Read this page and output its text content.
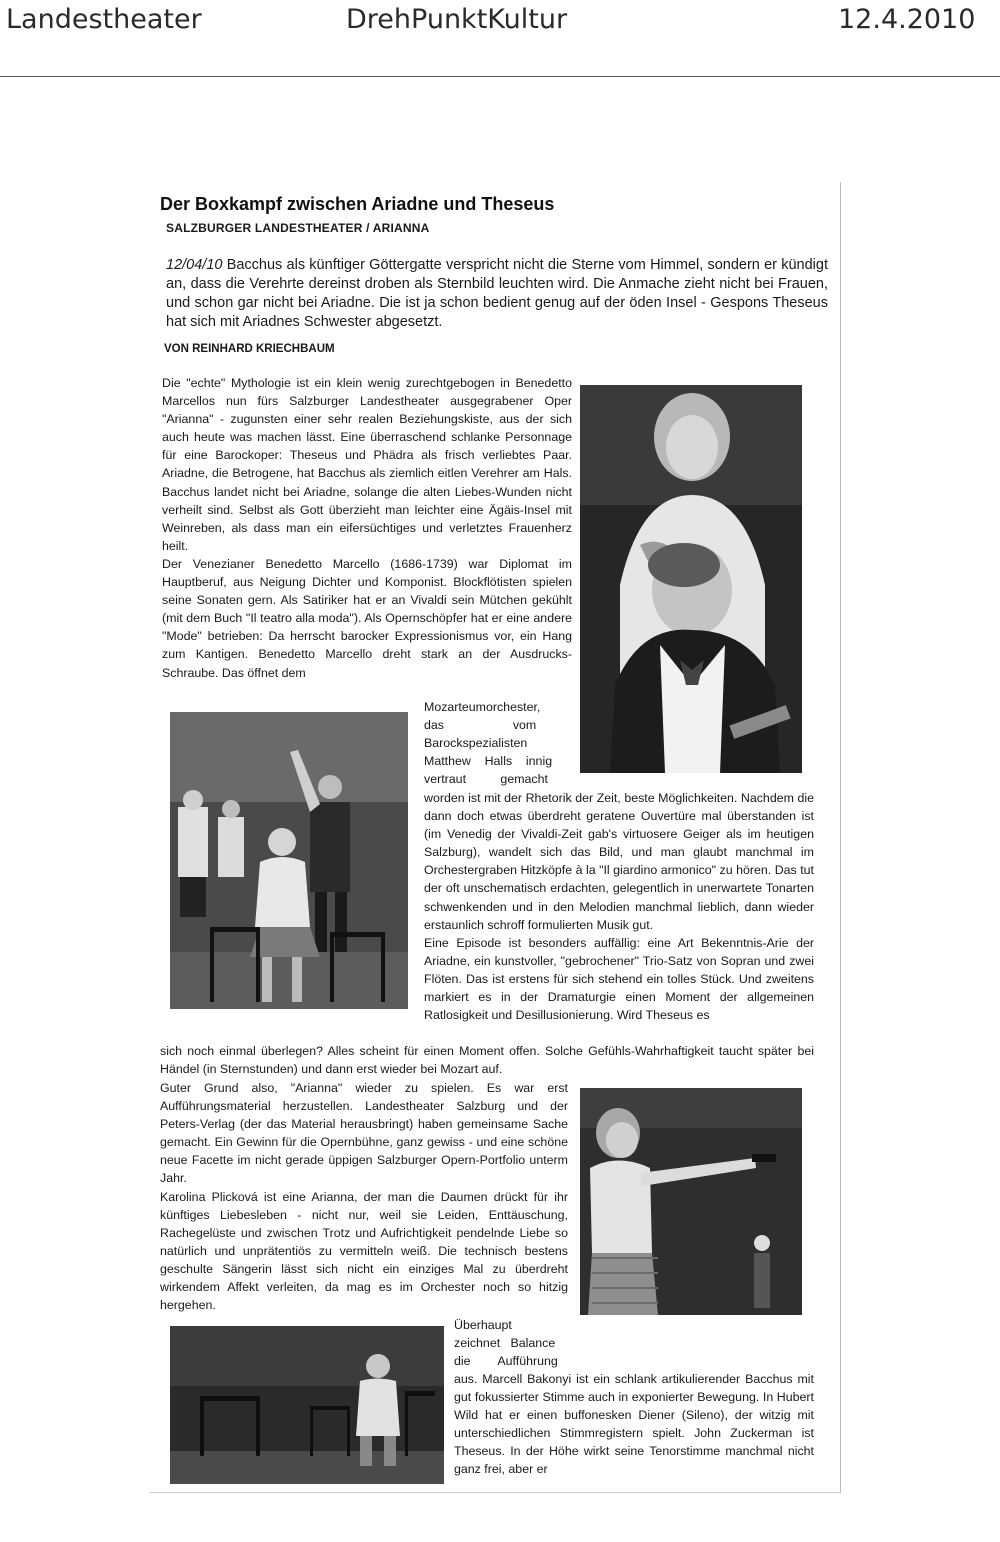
Landestheater	DrehPunktKultur	12.4.2010
Der Boxkampf zwischen Ariadne und Theseus
SALZBURGER LANDESTHEATER / ARIANNA
12/04/10 Bacchus als künftiger Göttergatte verspricht nicht die Sterne vom Himmel, sondern er kündigt an, dass die Verehrte dereinst droben als Sternbild leuchten wird. Die Anmache zieht nicht bei Frauen, und schon gar nicht bei Ariadne. Die ist ja schon bedient genug auf der öden Insel - Gespons Theseus hat sich mit Ariadnes Schwester abgesetzt.
VON REINHARD KRIECHBAUM

Die "echte" Mythologie ist ein klein wenig zurechtgebogen in Benedetto Marcellos nun fürs Salzburger Landestheater ausgegrabener Oper "Arianna" - zugunsten einer sehr realen Beziehungskiste, aus der sich auch heute was machen lässt. Eine überraschend schlanke Personnage für eine Barockoper: Theseus und Phädra als frisch verliebtes Paar. Ariadne, die Betrogene, hat Bacchus als ziemlich eitlen Verehrer am Hals. Bacchus landet nicht bei Ariadne, solange die alten Liebes-Wunden nicht verheilt sind. Selbst als Gott überzieht man leichter eine Ägäis-Insel mit Weinreben, als dass man ein eifersüchtiges und verletztes Frauenherz heilt.

Der Venezianer Benedetto Marcello (1686-1739) war Diplomat im Hauptberuf, aus Neigung Dichter und Komponist. Blockflötisten spielen seine Sonaten gern. Als Satiriker hat er an Vivaldi sein Mütchen gekühlt (mit dem Buch "Il teatro alla moda"). Als Opernschöpfer hat er eine andere "Mode" betrieben: Da herrscht barocker Expressionismus vor, ein Hang zum Kantigen. Benedetto Marcello dreht stark an der Ausdrucks-Schraube. Das öffnet dem

Mozarteumorchester,

das                    vom

Barockspezialisten

Matthew    Halls    innig

vertraut          gemacht

worden ist mit der Rhetorik der Zeit, beste Möglichkeiten. Nachdem die dann doch etwas überdreht geratene Ouvertüre mal überstanden ist (im Venedig der Vivaldi-Zeit gab's virtuosere Geiger als im heutigen Salzburg), wandelt sich das Bild, und man glaubt manchmal im Orchestergraben Hitzköpfe à la "Il giardino armonico" zu hören. Das tut der oft unschematisch erdachten, gelegentlich in unerwartete Tonarten schwenkenden und in den Melodien manchmal lieblich, dann wieder erstaunlich schroff formulierten Musik gut.

Eine Episode ist besonders auffällig: eine Art Bekenntnis-Arie der Ariadne, ein kunstvoller, "gebrochener" Trio-Satz von Sopran und zwei Flöten. Das ist erstens für sich stehend ein tolles Stück. Und zweitens markiert es in der Dramaturgie einen Moment der allgemeinen Ratlosigkeit und Desillusionierung. Wird Theseus es

sich noch einmal überlegen? Alles scheint für einen Moment offen. Solche Gefühls-Wahrhaftigkeit taucht später bei Händel (in Sternstunden) und dann erst wieder bei Mozart auf.

Guter Grund also, "Arianna" wieder zu spielen. Es war erst Aufführungsmaterial herzustellen. Landestheater Salzburg und der Peters-Verlag (der das Material herausbringt) haben gemeinsame Sache gemacht. Ein Gewinn für die Opernbühne, ganz gewiss - und eine schöne neue Facette im nicht gerade üppigen Salzburger Opern-Portfolio unterm Jahr.

Karolina Plicková ist eine Arianna, der man die Daumen drückt für ihr künftiges Liebesleben - nicht nur, weil sie Leiden, Enttäuschung, Rachegelüste und zwischen Trotz und Aufrichtigkeit pendelnde Liebe so natürlich und unprätentiös zu vermitteln weiß. Die technisch bestens geschulte Sängerin lässt sich nicht ein einziges Mal zu überdreht wirkendem Affekt verleiten, da mag es im Orchester noch so hitzig hergehen.

Überhaupt

zeichnet   Balance

die        Aufführung

aus. Marcell Bakonyi ist ein schlank artikulierender Bacchus mit gut fokussierter Stimme auch in exponierter Bewegung. In Hubert Wild hat er einen buffonesken Diener (Sileno), der witzig mit unterschiedlichen Stimmregistern spielt. John Zuckerman ist Theseus. In der Höhe wirkt seine Tenorstimme manchmal nicht ganz frei, aber er
